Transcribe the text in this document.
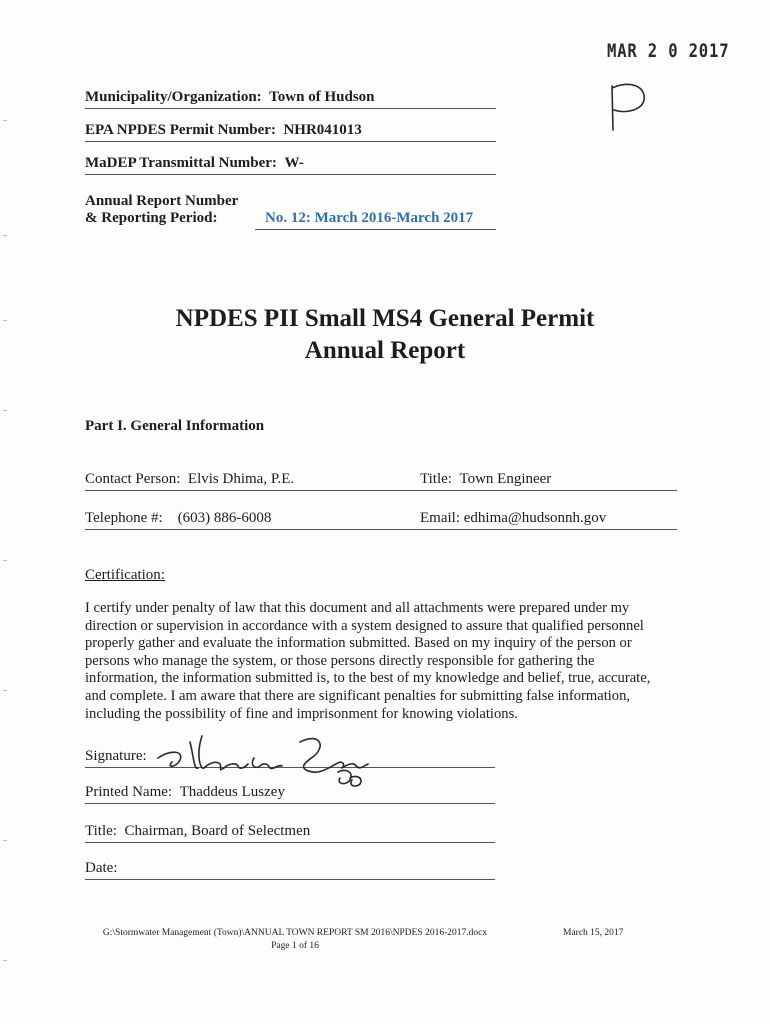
MAR 2 0 2017
Municipality/Organization: Town of Hudson
EPA NPDES Permit Number: NHR041013
MaDEP Transmittal Number: W-
Annual Report Number
& Reporting Period:	No. 12: March 2016-March 2017
NPDES PII Small MS4 General Permit
Annual Report
Part I. General Information
Contact Person: Elvis Dhima, P.E.	Title: Town Engineer
Telephone #: (603) 886-6008	Email: edhima@hudsonnh.gov
Certification:
I certify under penalty of law that this document and all attachments were prepared under my
direction or supervision in accordance with a system designed to assure that qualified personnel
properly gather and evaluate the information submitted. Based on my inquiry of the person or
persons who manage the system, or those persons directly responsible for gathering the
information, the information submitted is, to the best of my knowledge and belief, true, accurate,
and complete. I am aware that there are significant penalties for submitting false information,
including the possibility of fine and imprisonment for knowing violations.
Signature:
Printed Name: Thaddeus Luszey
Title: Chairman, Board of Selectmen
Date:
G:\Stormwater Management (Town)\ANNUAL TOWN REPORT SM 2016\NPDES 2016-2017.docx
Page 1 of 16
March 15, 2017
